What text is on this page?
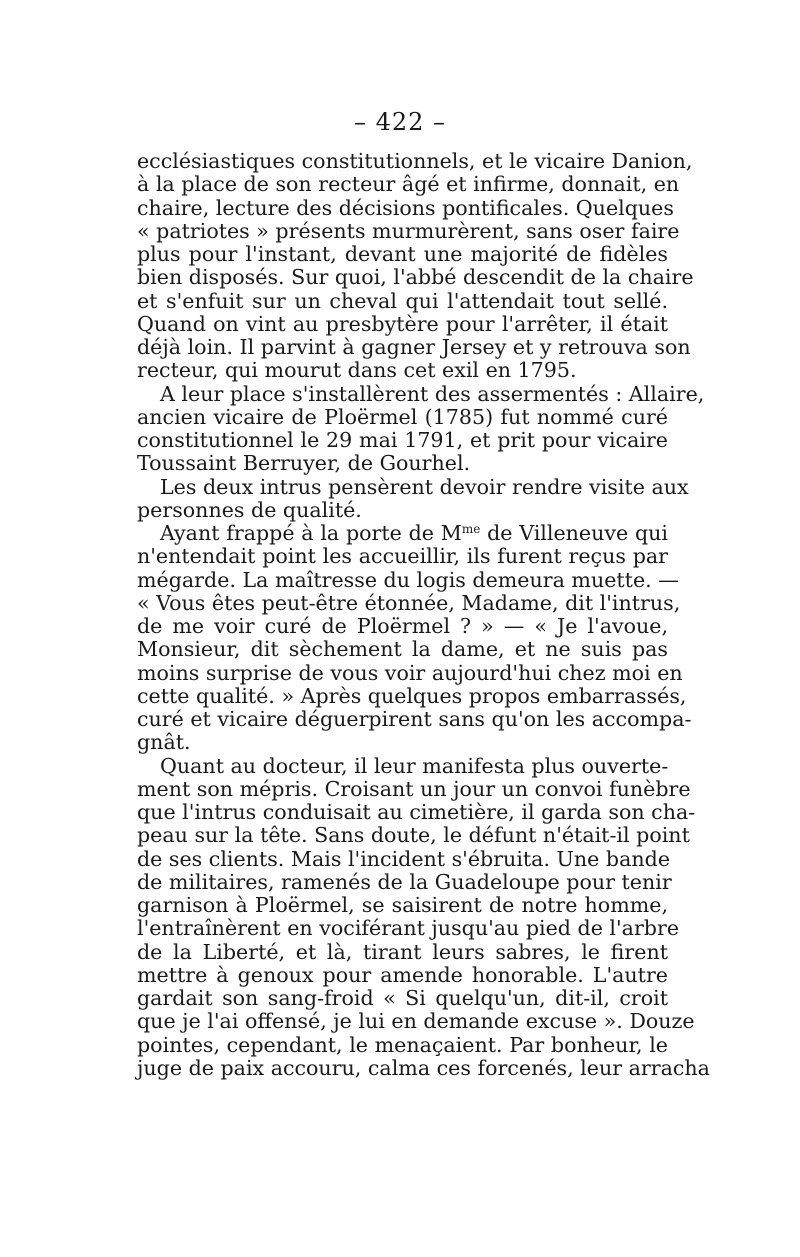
– 422 –
ecclésiastiques constitutionnels, et le vicaire Danion,
à la place de son recteur âgé et infirme, donnait, en
chaire, lecture des décisions pontificales. Quelques
« patriotes » présents murmurèrent, sans oser faire
plus pour l'instant, devant une majorité de fidèles
bien disposés. Sur quoi, l'abbé descendit de la chaire
et s'enfuit sur un cheval qui l'attendait tout sellé.
Quand on vint au presbytère pour l'arrêter, il était
déjà loin. Il parvint à gagner Jersey et y retrouva son
recteur, qui mourut dans cet exil en 1795.
A leur place s'installèrent des assermentés : Allaire,
ancien vicaire de Ploërmel (1785) fut nommé curé
constitutionnel le 29 mai 1791, et prit pour vicaire
Toussaint Berruyer, de Gourhel.
Les deux intrus pensèrent devoir rendre visite aux
personnes de qualité.
Ayant frappé à la porte de $M^{me}$ de Villeneuve qui
n'entendait point les accueillir, ils furent reçus par
mégarde. La maîtresse du logis demeura muette. —
« Vous êtes peut-être étonnée, Madame, dit l'intrus,
de me voir curé de Ploërmel ? » — « Je l'avoue,
Monsieur, dit sèchement la dame, et ne suis pas
moins surprise de vous voir aujourd'hui chez moi en
cette qualité. » Après quelques propos embarrassés,
curé et vicaire déguerpirent sans qu'on les accompa-
gnât.
Quant au docteur, il leur manifesta plus ouverte-
ment son mépris. Croisant un jour un convoi funèbre
que l'intrus conduisait au cimetière, il garda son cha-
peau sur la tête. Sans doute, le défunt n'était-il point
de ses clients. Mais l'incident s'ébruita. Une bande
de militaires, ramenés de la Guadeloupe pour tenir
garnison à Ploërmel, se saisirent de notre homme,
l'entraînèrent en vociférant jusqu'au pied de l'arbre
de la Liberté, et là, tirant leurs sabres, le firent
mettre à genoux pour amende honorable. L'autre
gardait son sang-froid « Si quelqu'un, dit-il, croit
que je l'ai offensé, je lui en demande excuse ». Douze
pointes, cependant, le menaçaient. Par bonheur, le
juge de paix accouru, calma ces forcenés, leur arracha
